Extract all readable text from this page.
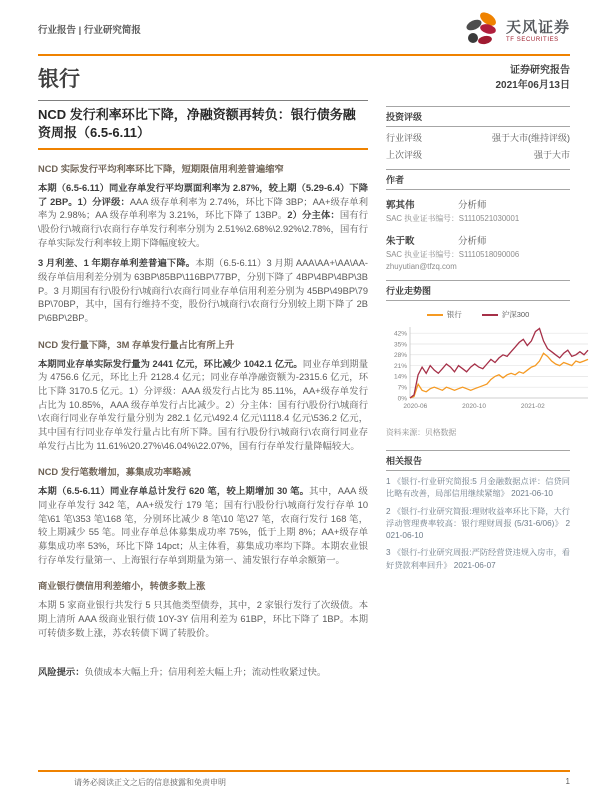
行业报告 | 行业研究简报	天风证券
TF SECURITIES
银行	证券研究报告
2021年06月13日
NCD 发行利率环比下降，净融资额再转负：银行债务融资周报（6.5-6.11）
NCD 实际发行平均利率环比下降，短期限信用利差普遍缩窄
本期（6.5-6.11）同业存单发行平均票面利率为 2.87%，较上期（5.29-6.4）下降了 2BP。1）分评级：AAA 级存单利率为 2.74%，环比下降 3BP；AA+级存单利率为 2.98%；AA 级存单利率为 3.21%，环比下降了 13BP。2）分主体：国有行\股份行\城商行\农商行存单发行利率分别为 2.51%\2.68%\2.92%\2.78%，国有行存单实际发行利率较上期下降幅度较大。
3 月利差、1 年期存单利差普遍下降。本期（6.5-6.11）3 月期 AAA\AA+\AA\AA-级存单信用利差分别为 63BP\85BP\116BP\77BP，分别下降了 4BP\4BP\4BP\3BP。3 月期国有行\股份行\城商行\农商行同业存单信用利差分别为 45BP\49BP\79BP\70BP，其中，国有行维持不变，股份行\城商行\农商行分别较上期下降了 2BP\6BP\2BP。
NCD 发行量下降，3M 存单发行量占比有所上升
本期同业存单实际发行量为 2441 亿元，环比减少 1042.1 亿元。同业存单到期量为 4756.6 亿元，环比上升 2128.4 亿元；同业存单净融资额为-2315.6 亿元，环比下降 3170.5 亿元。1）分评级：AAA 级发行占比为 85.11%，AA+级存单发行占比为 10.85%，AAA 级存单发行占比减少。2）分主体：国有行\股份行\城商行\农商行同业存单发行量分别为 282.1 亿元\492.4 亿元\1118.4 亿元\536.2 亿元，其中国有行同业存单发行量占比有所下降。国有行\股份行\城商行\农商行同业存单发行占比为 11.61%\20.27%\46.04%\22.07%，国有行存单发行量降幅较大。
NCD 发行笔数增加，募集成功率略减
本期（6.5-6.11）同业存单总计发行 620 笔，较上期增加 30 笔。其中，AAA 级同业存单发行 342 笔，AA+级发行 179 笔；国有行\股份行\城商行发行存单 10 笔\61 笔\353 笔\168 笔，分别环比减少 8 笔\10 笔\27 笔，农商行发行 168 笔，较上期减少 55 笔。同业存单总体募集成功率 75%，低于上期 8%；AA+级存单募集成功率 53%，环比下降 14pct；从主体看，募集成功率均下降。本期农业银行存单发行量第一、上海银行存单到期量为第一、浦发银行存单余额第一。
商业银行债信用利差缩小，转债多数上涨
本期 5 家商业银行共发行 5 只其他类型债券，其中，2 家银行发行了次级债。本期上清所 AAA 级商业银行债 10Y-3Y 信用利差为 61BP，环比下降了 1BP。本期可转债多数上涨，苏农转债下调了转股价。
风险提示：负债成本大幅上升；信用利差大幅上升；流动性收紧过快。
投资评级
行业评级	强于大市(维持评级)
上次评级	强于大市
作者
郭其伟	分析师
SAC 执业证书编号：S1110521030001
朱于畋	分析师
SAC 执业证书编号：S1110518090006
zhuyutian@tfzq.com
行业走势图
银行	沪深300
0%
7%
14%
21%
28%
35%
42%
2020-06	2020-10	2021-02
资料来源：贝格数据
相关报告
1 《银行-行业研究简报:5 月金融数据点评：信贷同比略有改善，局部信用继续紧缩》 2021-06-10
2 《银行-行业研究简报:理财收益率环比下降，大行浮动管理费率较高：银行理财周报 (5/31-6/06)》 2021-06-10
3 《银行-行业研究周报:严防经营贷违规入房市，看好贷款利率回升》 2021-06-07
请务必阅读正文之后的信息披露和免责申明	1
